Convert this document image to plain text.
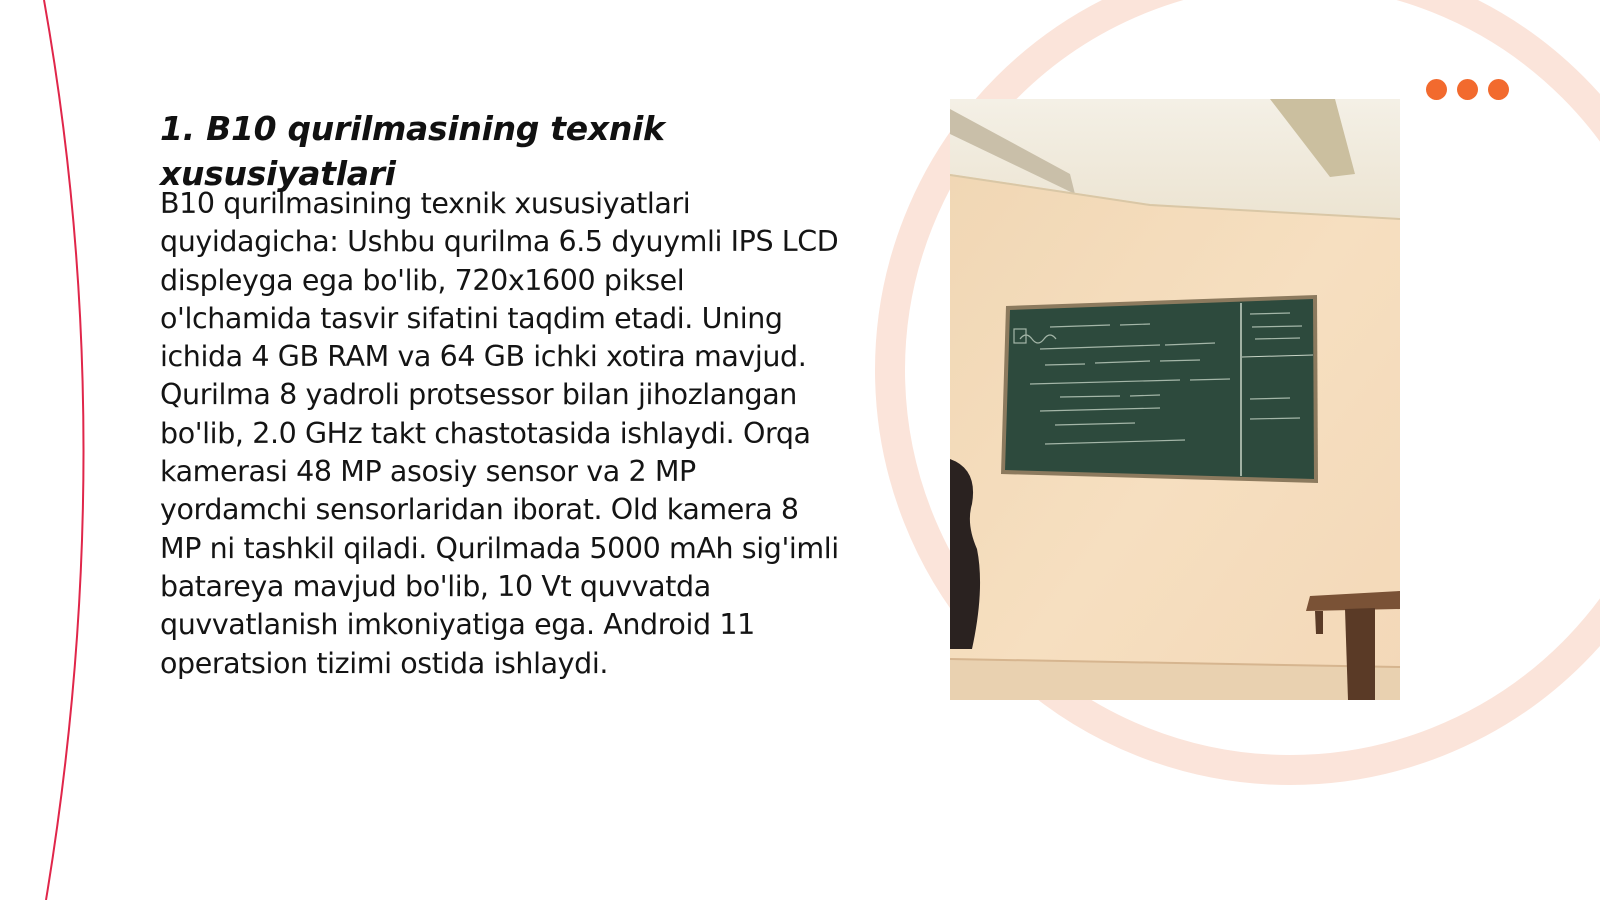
1. B10 qurilmasining texnik xususiyatlari

B10 qurilmasining texnik xususiyatlari quyidagicha: Ushbu qurilma 6.5 dyuymli IPS LCD displeyga ega bo'lib, 720x1600 piksel o'lchamida tasvir sifatini taqdim etadi. Uning ichida 4 GB RAM va 64 GB ichki xotira mavjud. Qurilma 8 yadroli protsessor bilan jihozlangan bo'lib, 2.0 GHz takt chastotasida ishlaydi. Orqa kamerasi 48 MP asosiy sensor va 2 MP yordamchi sensorlaridan iborat. Old kamera 8 MP ni tashkil qiladi. Qurilmada 5000 mAh sig'imli batareya mavjud bo'lib, 10 Vt quvvatda quvvatlanish imkoniyatiga ega. Android 11 operatsion tizimi ostida ishlaydi.
